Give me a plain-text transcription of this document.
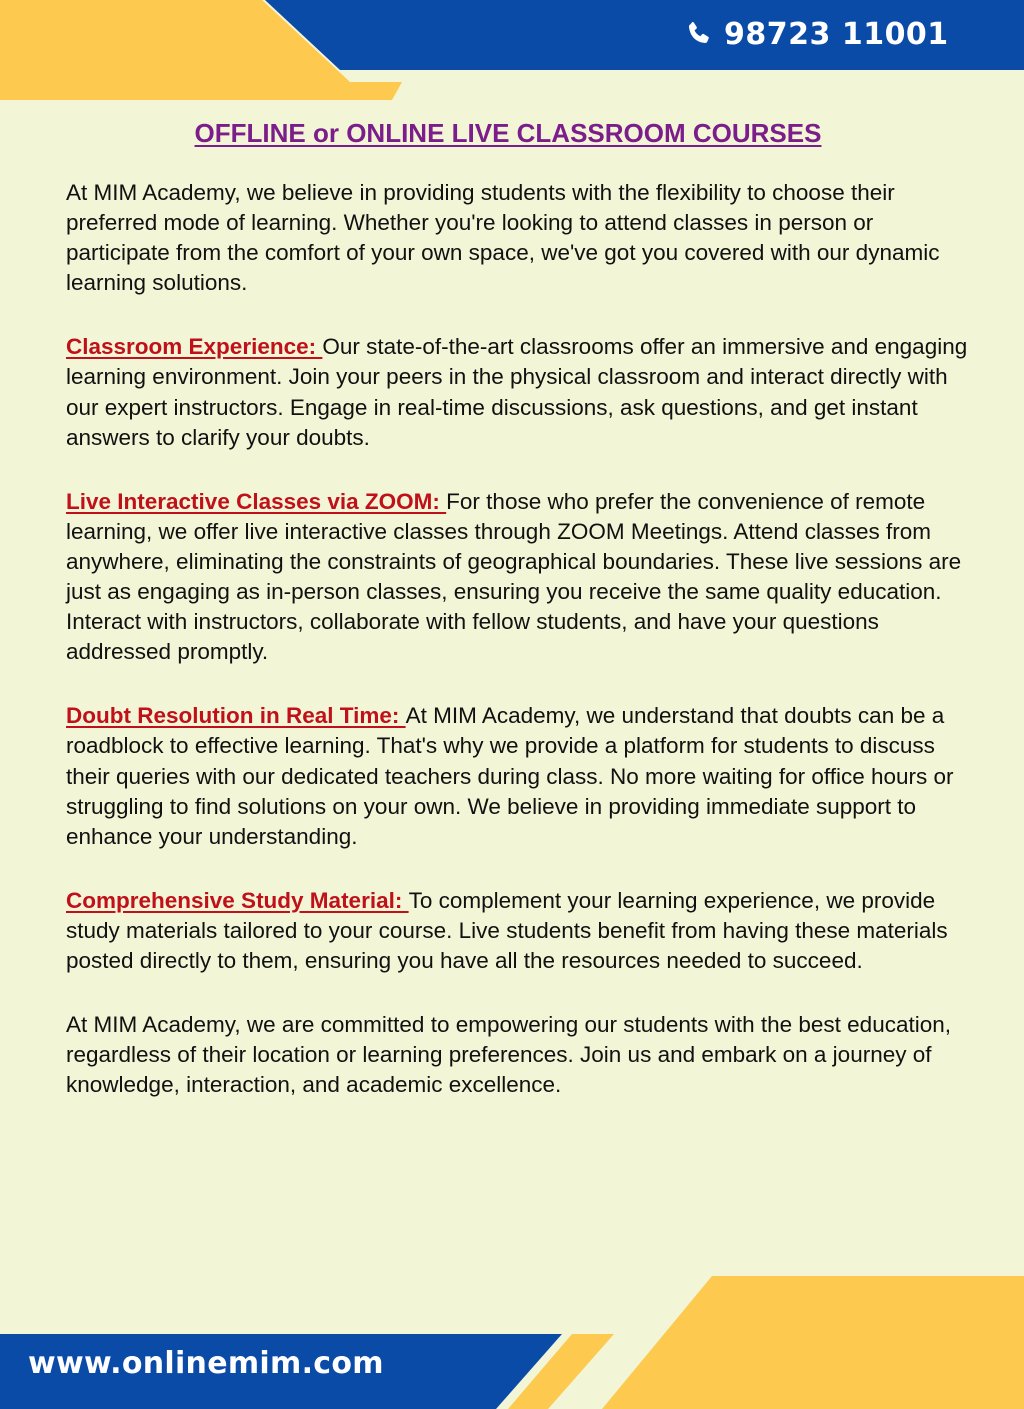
98723 11001
OFFLINE or ONLINE LIVE CLASSROOM COURSES

At MIM Academy, we believe in providing students with the flexibility to choose their preferred mode of learning. Whether you're looking to attend classes in person or participate from the comfort of your own space, we've got you covered with our dynamic learning solutions.

Classroom Experience: Our state-of-the-art classrooms offer an immersive and engaging learning environment. Join your peers in the physical classroom and interact directly with our expert instructors. Engage in real-time discussions, ask questions, and get instant answers to clarify your doubts.

Live Interactive Classes via ZOOM: For those who prefer the convenience of remote learning, we offer live interactive classes through ZOOM Meetings. Attend classes from anywhere, eliminating the constraints of geographical boundaries. These live sessions are just as engaging as in-person classes, ensuring you receive the same quality education. Interact with instructors, collaborate with fellow students, and have your questions addressed promptly.

Doubt Resolution in Real Time: At MIM Academy, we understand that doubts can be a roadblock to effective learning. That's why we provide a platform for students to discuss their queries with our dedicated teachers during class. No more waiting for office hours or struggling to find solutions on your own. We believe in providing immediate support to enhance your understanding.

Comprehensive Study Material: To complement your learning experience, we provide study materials tailored to your course. Live students benefit from having these materials posted directly to them, ensuring you have all the resources needed to succeed.

At MIM Academy, we are committed to empowering our students with the best education, regardless of their location or learning preferences. Join us and embark on a journey of knowledge, interaction, and academic excellence.

www.onlinemim.com
